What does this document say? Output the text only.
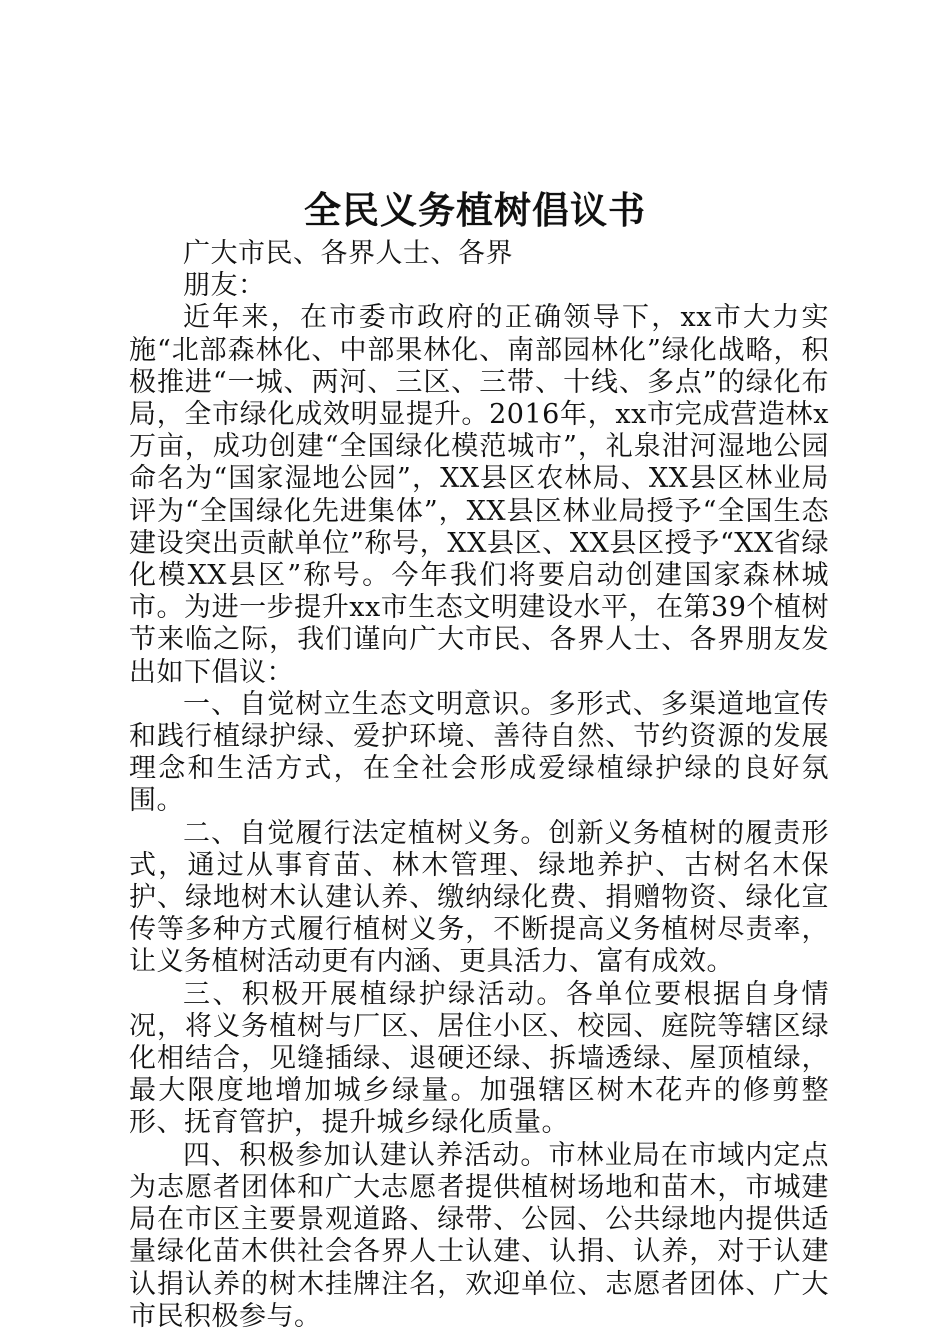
全民义务植树倡议书

广大市民、各界人士、各界

朋友：

近年来，在市委市政府的正确领导下，xx市大力实施“北部森林化、中部果林化、南部园林化”绿化战略，积极推进“一城、两河、三区、三带、十线、多点”的绿化布局，全市绿化成效明显提升。2016年，xx市完成营造林x万亩，成功创建“全国绿化模范城市”，礼泉泔河湿地公园命名为“国家湿地公园”，XX县区农林局、XX县区林业局评为“全国绿化先进集体”，XX县区林业局授予“全国生态建设突出贡献单位”称号，XX县区、XX县区授予“XX省绿化模XX县区”称号。今年我们将要启动创建国家森林城市。为进一步提升xx市生态文明建设水平，在第39个植树节来临之际，我们谨向广大市民、各界人士、各界朋友发出如下倡议：

一、自觉树立生态文明意识。多形式、多渠道地宣传和践行植绿护绿、爱护环境、善待自然、节约资源的发展理念和生活方式，在全社会形成爱绿植绿护绿的良好氛围。

二、自觉履行法定植树义务。创新义务植树的履责形式，通过从事育苗、林木管理、绿地养护、古树名木保护、绿地树木认建认养、缴纳绿化费、捐赠物资、绿化宣传等多种方式履行植树义务，不断提高义务植树尽责率，让义务植树活动更有内涵、更具活力、富有成效。

三、积极开展植绿护绿活动。各单位要根据自身情况，将义务植树与厂区、居住小区、校园、庭院等辖区绿化相结合，见缝插绿、退硬还绿、拆墙透绿、屋顶植绿，最大限度地增加城乡绿量。加强辖区树木花卉的修剪整形、抚育管护，提升城乡绿化质量。

四、积极参加认建认养活动。市林业局在市域内定点为志愿者团体和广大志愿者提供植树场地和苗木，市城建局在市区主要景观道路、绿带、公园、公共绿地内提供适量绿化苗木供社会各界人士认建、认捐、认养，对于认建认捐认养的树木挂牌注名，欢迎单位、志愿者团体、广大市民积极参与。
